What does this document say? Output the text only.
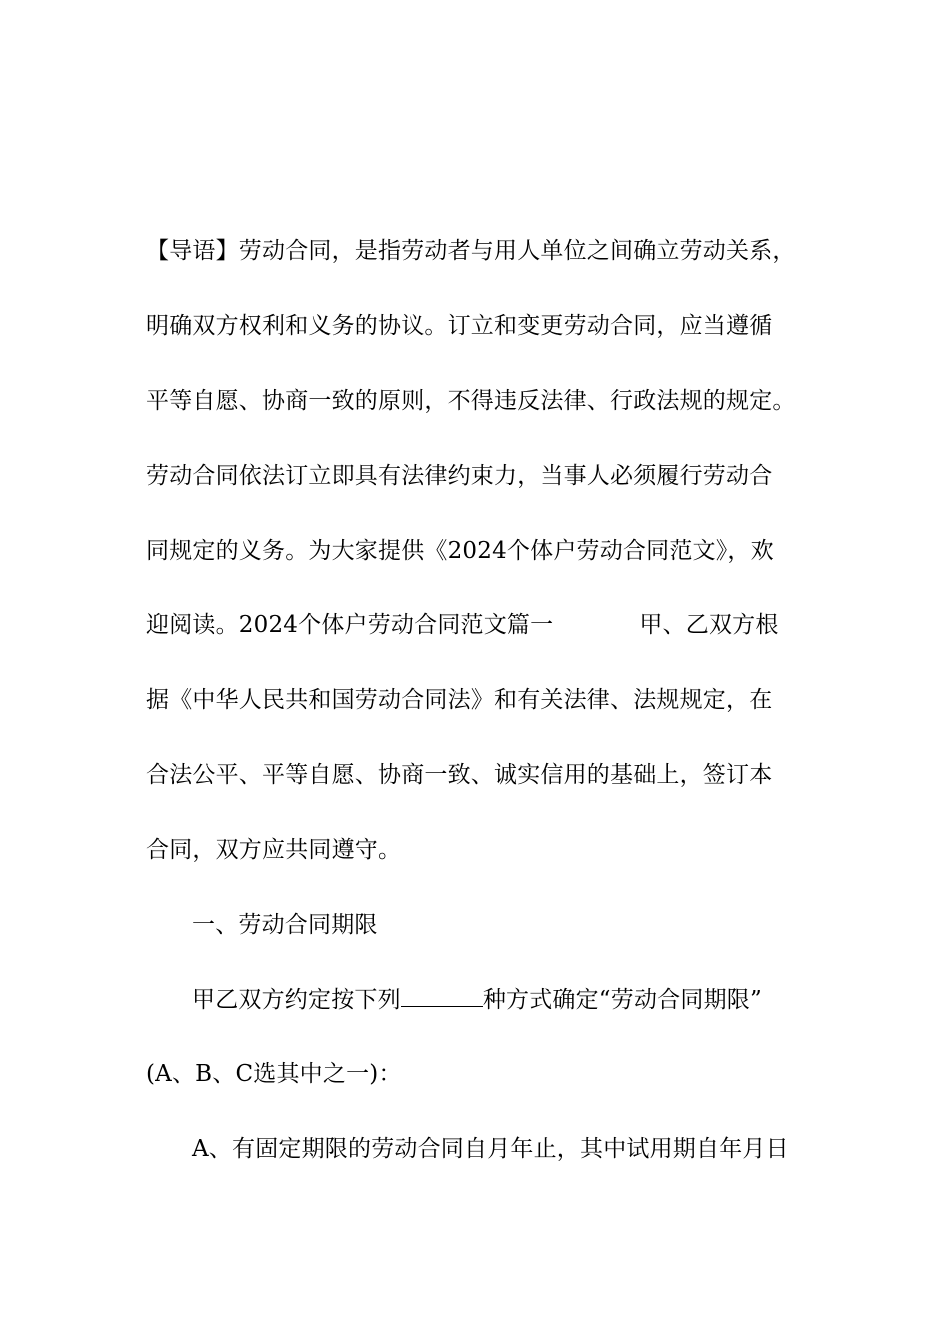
【导语】劳动合同，是指劳动者与用人单位之间确立劳动关系，
明确双方权利和义务的协议。订立和变更劳动合同，应当遵循
平等自愿、协商一致的原则，不得违反法律、行政法规的规定。
劳动合同依法订立即具有法律约束力，当事人必须履行劳动合
同规定的义务。为大家提供《2024个体户劳动合同范文》，欢
迎阅读。2024个体户劳动合同范文篇一	甲、乙双方根
据《中华人民共和国劳动合同法》和有关法律、法规规定，在
合法公平、平等自愿、协商一致、诚实信用的基础上，签订本
合同，双方应共同遵守。
一、劳动合同期限
甲乙双方约定按下列	种方式确定“劳动合同期限”
(A、B、C选其中之一)：
A、有固定期限的劳动合同自月年止，其中试用期自年月日
